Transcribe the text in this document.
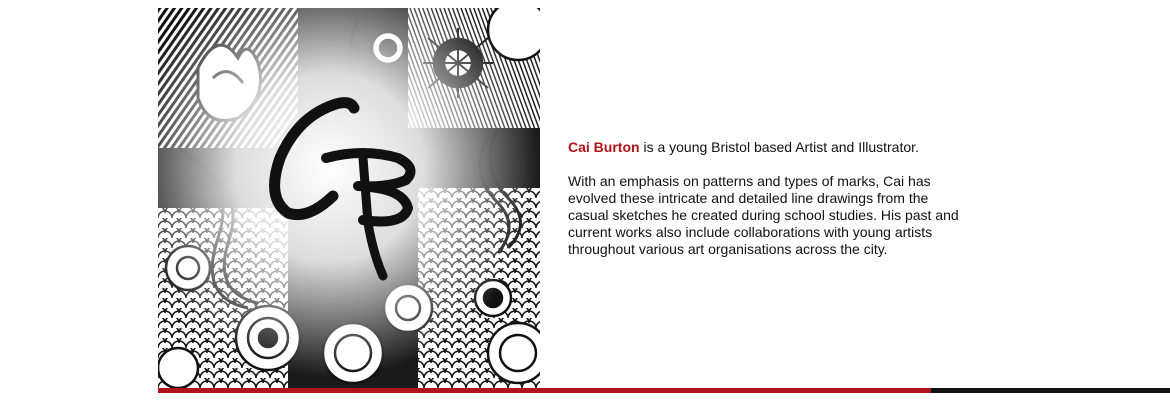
Cai Burton is a young Bristol based Artist and Illustrator.

With an emphasis on patterns and types of marks, Cai has evolved these intricate and detailed line drawings from the casual sketches he created during school studies. His past and current works also include collaborations with young artists throughout various art organisations across the city.
